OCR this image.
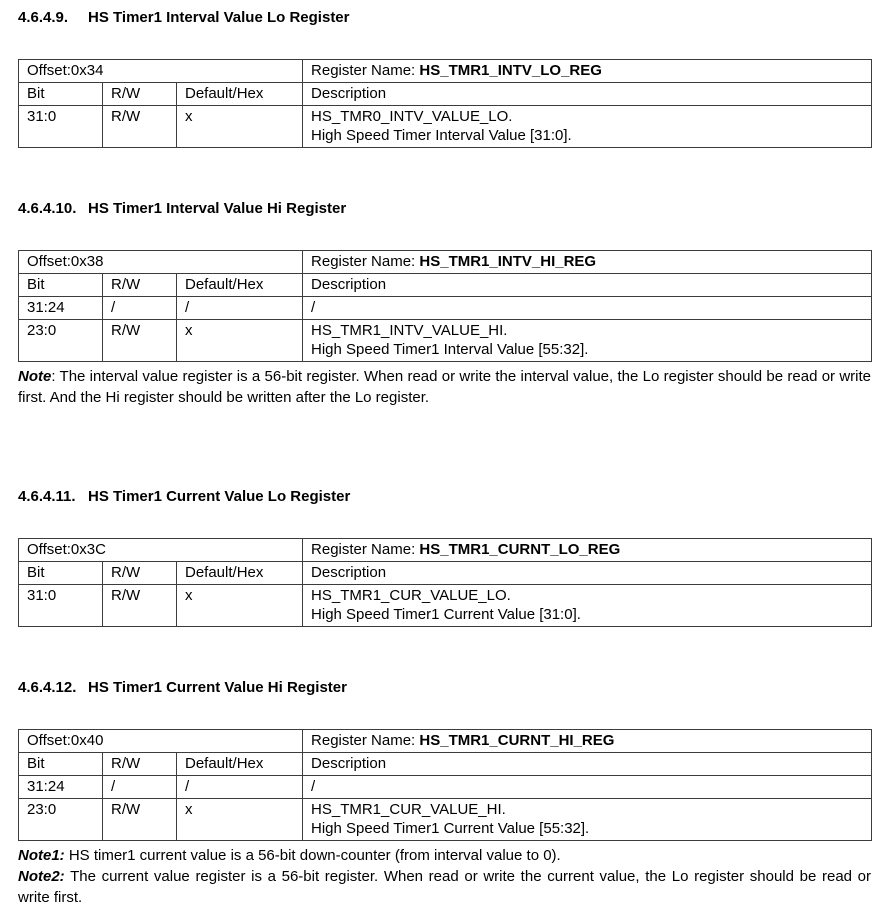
4.6.4.9. HS Timer1 Interval Value Lo Register
Offset:0x34			Register Name: HS_TMR1_INTV_LO_REG
Bit	R/W	Default/Hex	Description
31:0	R/W	x	HS_TMR0_INTV_VALUE_LO.
High Speed Timer Interval Value [31:0].
4.6.4.10. HS Timer1 Interval Value Hi Register
Offset:0x38			Register Name: HS_TMR1_INTV_HI_REG
Bit	R/W	Default/Hex	Description
31:24	/	/	/
23:0	R/W	x	HS_TMR1_INTV_VALUE_HI.
High Speed Timer1 Interval Value [55:32].

Note: The interval value register is a 56-bit register. When read or write the interval value, the Lo register should be read or write first. And the Hi register should be written after the Lo register.

4.6.4.11. HS Timer1 Current Value Lo Register
Offset:0x3C			Register Name: HS_TMR1_CURNT_LO_REG
Bit	R/W	Default/Hex	Description
31:0	R/W	x	HS_TMR1_CUR_VALUE_LO.
High Speed Timer1 Current Value [31:0].
4.6.4.12. HS Timer1 Current Value Hi Register
Offset:0x40			Register Name: HS_TMR1_CURNT_HI_REG
Bit	R/W	Default/Hex	Description
31:24	/	/	/
23:0	R/W	x	HS_TMR1_CUR_VALUE_HI.
High Speed Timer1 Current Value [55:32].

Note1: HS timer1 current value is a 56-bit down-counter (from interval value to 0).

Note2: The current value register is a 56-bit register. When read or write the current value, the Lo register should be read or write first.
